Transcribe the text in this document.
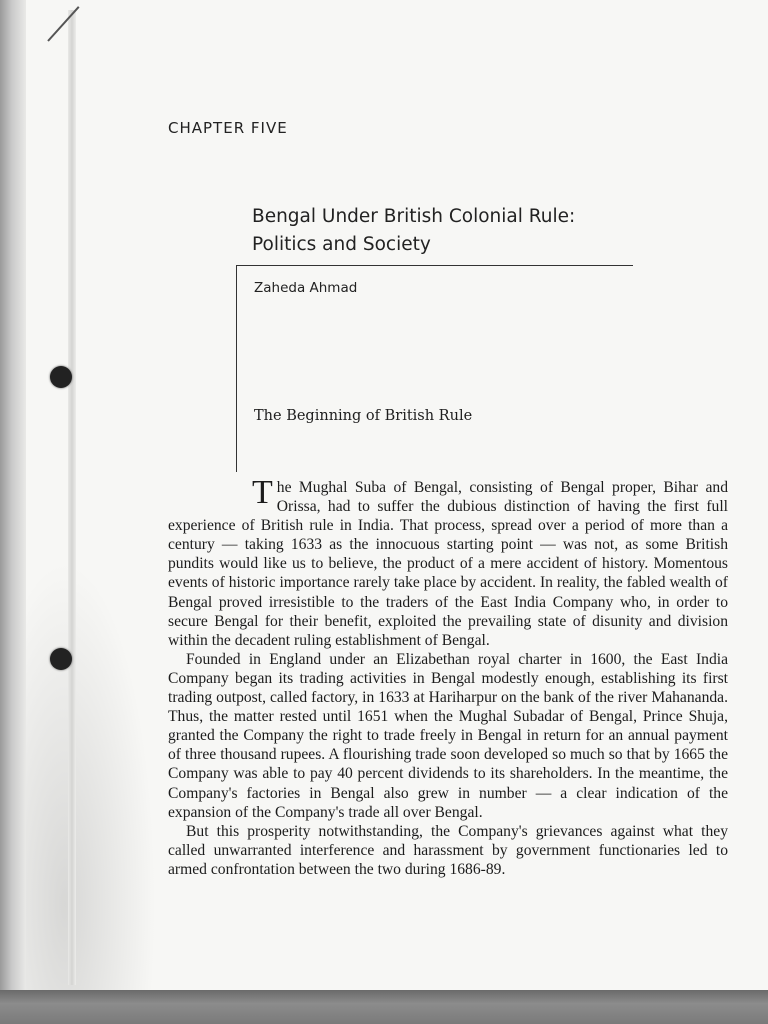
CHAPTER FIVE
Bengal Under British Colonial Rule:
Politics and Society
Zaheda Ahmad
The Beginning of British Rule

The Mughal Suba of Bengal, consisting of Bengal proper, Bihar and Orissa, had to suffer the dubious distinction of having the first full experience of British rule in India. That process, spread over a period of more than a century — taking 1633 as the innocuous starting point — was not, as some British pundits would like us to believe, the product of a mere accident of history. Momentous events of historic importance rarely take place by accident. In reality, the fabled wealth of Bengal proved irresistible to the traders of the East India Company who, in order to secure Bengal for their benefit, exploited the prevailing state of disunity and division within the decadent ruling establishment of Bengal.

Founded in England under an Elizabethan royal charter in 1600, the East India Company began its trading activities in Bengal modestly enough, establishing its first trading outpost, called factory, in 1633 at Hariharpur on the bank of the river Mahananda. Thus, the matter rested until 1651 when the Mughal Subadar of Bengal, Prince Shuja, granted the Company the right to trade freely in Bengal in return for an annual payment of three thousand rupees. A flourishing trade soon developed so much so that by 1665 the Company was able to pay 40 percent dividends to its shareholders. In the meantime, the Company's factories in Bengal also grew in number — a clear indication of the expansion of the Company's trade all over Bengal.

But this prosperity notwithstanding, the Company's grievances against what they called unwarranted interference and harassment by government functionaries led to armed confrontation between the two during 1686-89.
